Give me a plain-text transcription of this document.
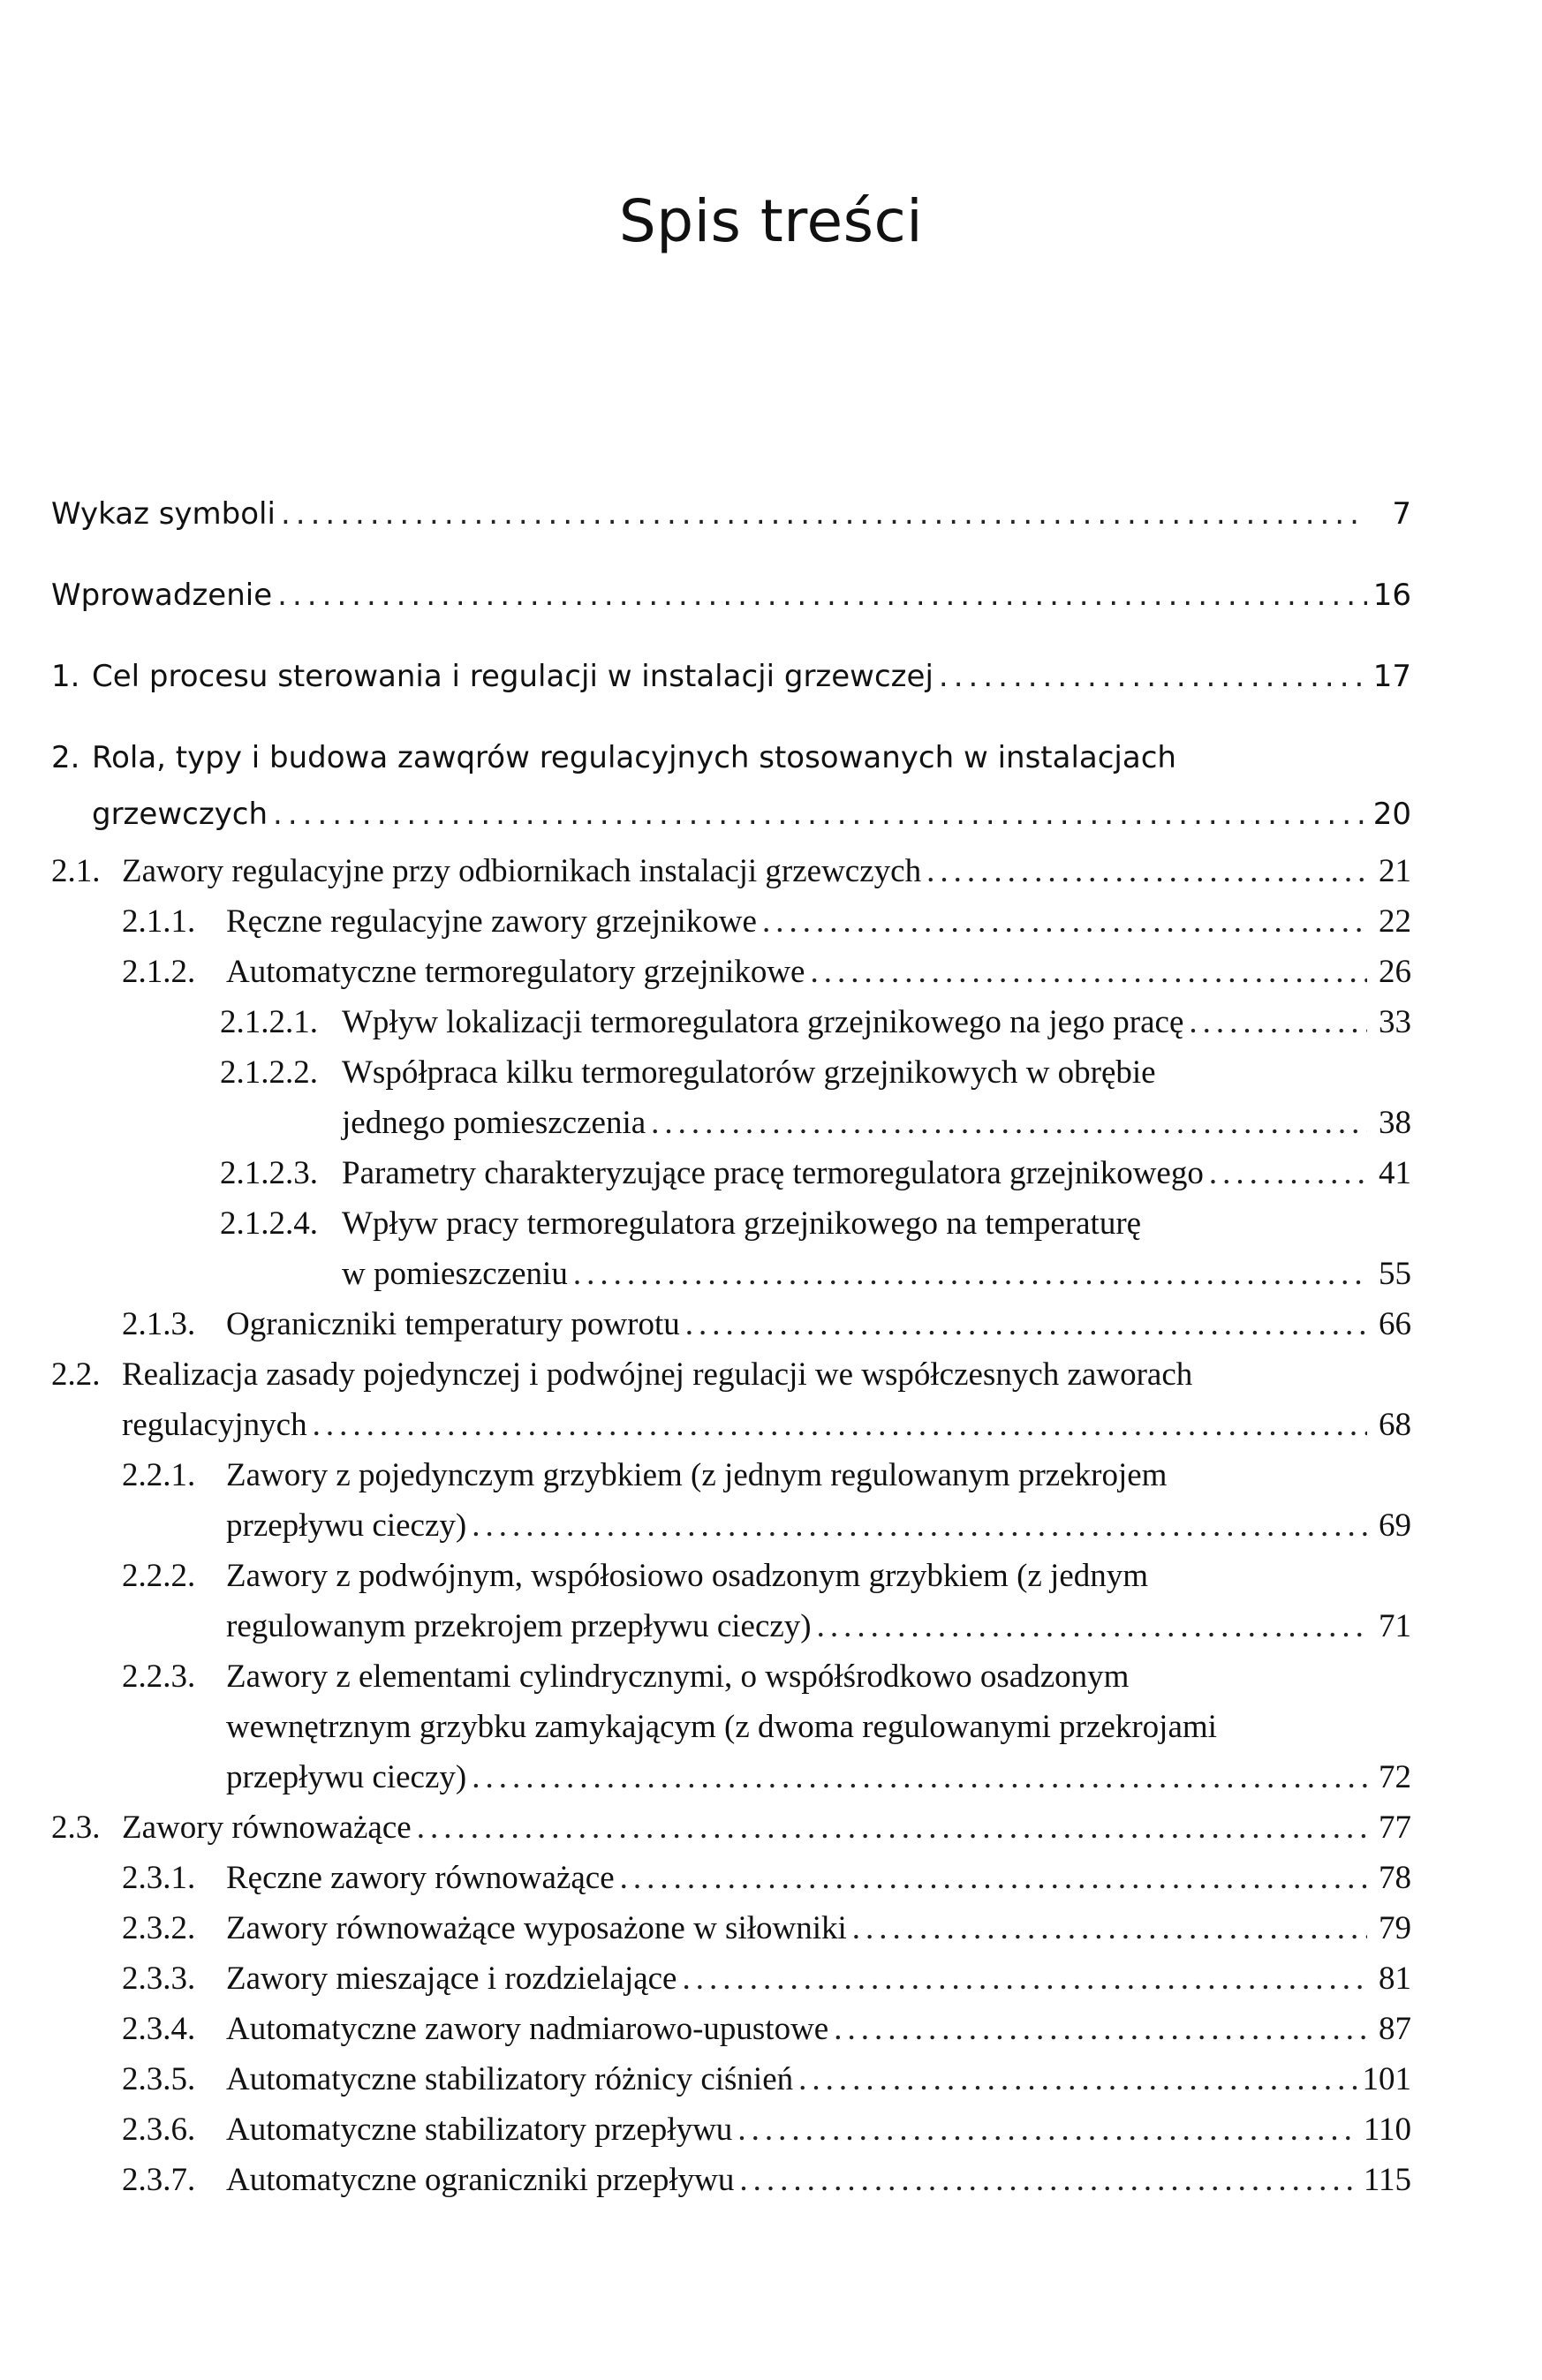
Spis treści
Wykaz symboli .....	7
Wprowadzenie .....	16
1. Cel procesu sterowania i regulacji w instalacji grzewczej .....	17
2. Rola, typy i budowa zawqrów regulacyjnych stosowanych w instalacjach
grzewczych .....	20
2.1. Zawory regulacyjne przy odbiornikach instalacji grzewczych .....	21
2.1.1. Ręczne regulacyjne zawory grzejnikowe .....	22
2.1.2. Automatyczne termoregulatory grzejnikowe .....	26
2.1.2.1. Wpływ lokalizacji termoregulatora grzejnikowego na jego pracę .....	33
2.1.2.2. Współpraca kilku termoregulatorów grzejnikowych w obrębie
jednego pomieszczenia .....	38
2.1.2.3. Parametry charakteryzujące pracę termoregulatora grzejnikowego .....	41
2.1.2.4. Wpływ pracy termoregulatora grzejnikowego na temperaturę
w pomieszczeniu .....	55
2.1.3. Ograniczniki temperatury powrotu .....	66
2.2. Realizacja zasady pojedynczej i podwójnej regulacji we współczesnych zaworach
regulacyjnych .....	68
2.2.1. Zawory z pojedynczym grzybkiem (z jednym regulowanym przekrojem
przepływu cieczy) .....	69
2.2.2. Zawory z podwójnym, współosiowo osadzonym grzybkiem (z jednym
regulowanym przekrojem przepływu cieczy) .....	71
2.2.3. Zawory z elementami cylindrycznymi, o współśrodkowo osadzonym
wewnętrznym grzybku zamykającym (z dwoma regulowanymi przekrojami
przepływu cieczy) .....	72
2.3. Zawory równoważące .....	77
2.3.1. Ręczne zawory równoważące .....	78
2.3.2. Zawory równoważące wyposażone w siłowniki .....	79
2.3.3. Zawory mieszające i rozdzielające .....	81
2.3.4. Automatyczne zawory nadmiarowo-upustowe .....	87
2.3.5. Automatyczne stabilizatory różnicy ciśnień .....	101
2.3.6. Automatyczne stabilizatory przepływu .....	110
2.3.7. Automatyczne ograniczniki przepływu .....	115
